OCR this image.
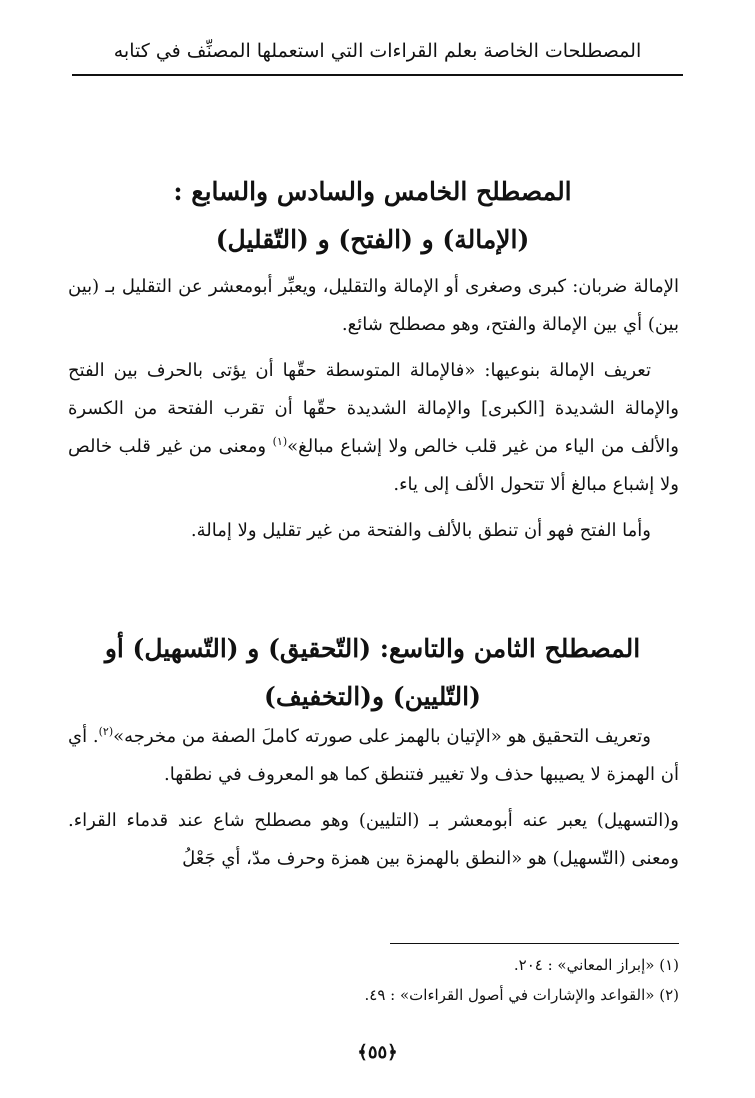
المصطلحات الخاصة بعلم القراءات التي استعملها المصنِّف في كتابه
المصطلح الخامس والسادس والسابع :
(الإمالة) و (الفتح) و (التّقليل)

الإمالة ضربان: كبرى وصغرى أو الإمالة والتقليل، ويعبِّر أبومعشر عن التقليل بـ (بين بين) أي بين الإمالة والفتح، وهو مصطلح شائع.

تعريف الإمالة بنوعيها: «فالإمالة المتوسطة حقّها أن يؤتى بالحرف بين الفتح والإمالة الشديدة [الكبرى] والإمالة الشديدة حقّها أن تقرب الفتحة من الكسرة والألف من الياء من غير قلب خالص ولا إشباع مبالغ»$^{(١)}$ ومعنى من غير قلب خالص ولا إشباع مبالغ ألا تتحول الألف إلى ياء.

وأما الفتح فهو أن تنطق بالألف والفتحة من غير تقليل ولا إمالة.

المصطلح الثامن والتاسع: (التّحقيق) و (التّسهيل) أو
(التّليين) و(التخفيف)

وتعريف التحقيق هو «الإتيان بالهمز على صورته كاملَ الصفة من مخرجه»$^{(٢)}$. أي أن الهمزة لا يصيبها حذف ولا تغيير فتنطق كما هو المعروف في نطقها.

و(التسهيل) يعبر عنه أبومعشر بـ (التليين) وهو مصطلح شاع عند قدماء القراء. ومعنى (التّسهيل) هو «النطق بالهمزة بين همزة وحرف مدّ، أي جَعْلُ

(١) «إبراز المعاني» : ٢٠٤.
(٢) «القواعد والإشارات في أصول القراءات» : ٤٩.
﴿٥٥﴾
